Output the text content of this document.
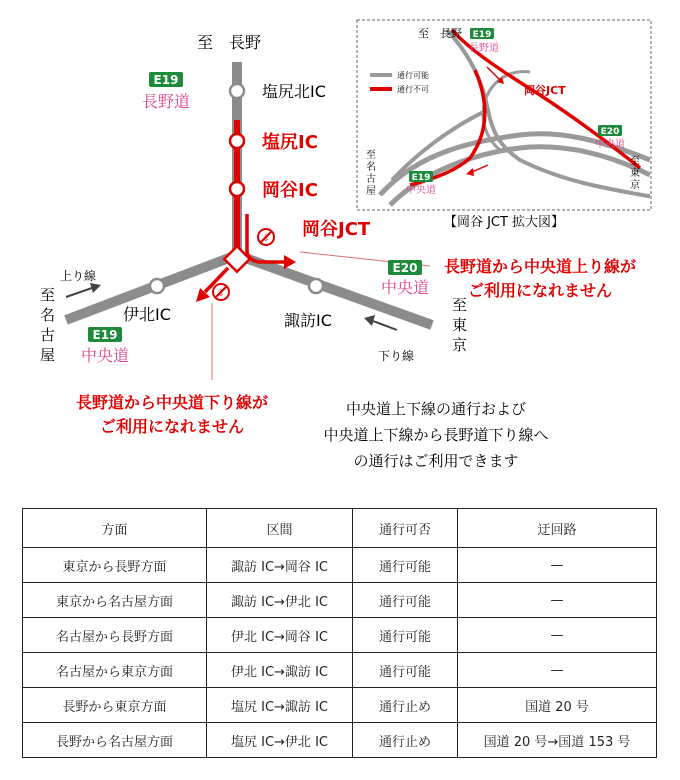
⇩
⇩
至　長野
E19
長野道
塩尻北IC
塩尻IC
岡谷IC
岡谷JCT
E20
中央道
長野道から中央道上り線が
ご利用になれません
上り線
伊北IC
E19
中央道
至 名 古 屋
諏訪IC
下り線
至 東 京
長野道から中央道下り線が
ご利用になれません
中央道上下線の通行および
中央道上下線から長野道下り線へ
の通行はご利用できます
通行可能
通行不可
至　長野 E19
長野道
岡谷JCT
E20
中央道
E19
中央道
至 名 古 屋
至 東 京
【岡谷 JCT 拡大図】
方面	区間	通行可否	迂回路
東京から長野方面	諏訪 IC→岡谷 IC	通行可能	—
東京から名古屋方面	諏訪 IC→伊北 IC	通行可能	—
名古屋から長野方面	伊北 IC→岡谷 IC	通行可能	—
名古屋から東京方面	伊北 IC→諏訪 IC	通行可能	—
長野から東京方面	塩尻 IC→諏訪 IC	通行止め	国道 20 号
長野から名古屋方面	塩尻 IC→伊北 IC	通行止め	国道 20 号→国道 153 号
